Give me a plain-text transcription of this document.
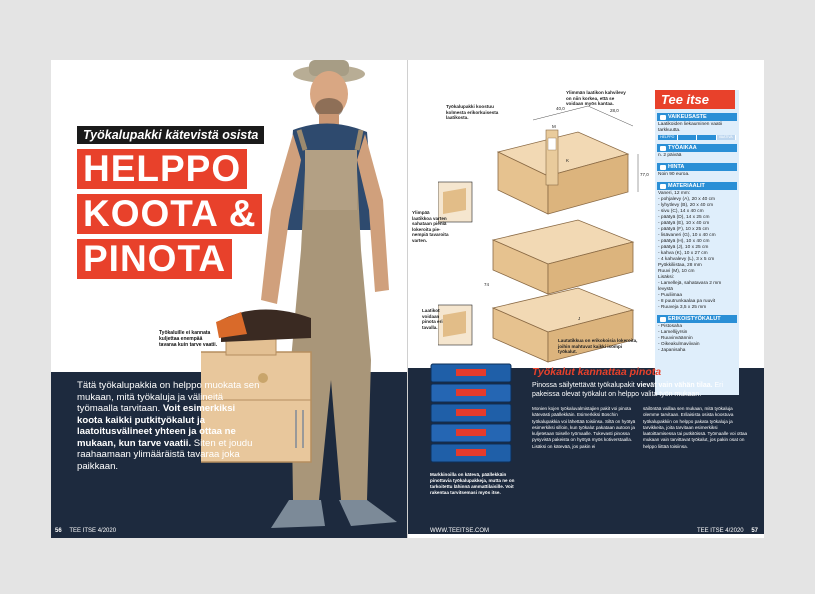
Työkalupakki kätevistä osista
HELPPO
KOOTA &
PINOTA
Työkaluille ei kannata kuljettaa enempää tavaraa kuin tarve vaatii.
Tätä työkalupakkia on helppo muokata sen mukaan, mitä työkaluja ja välineitä työmaalla tarvitaan. Voit esimerkiksi koota kaikki putkityökalut ja laatoitusvälineet yhteen ja ottaa ne mukaan, kun tarve vaatii. Siten et joudu raahaamaan ylimääräistä tavaraa joka paikkaan.
56 TEE ITSE 4/2020
40,0	28,0
M
K
77,0
74
J
Työkalupakki koostuu kolmesta erikorkuisesta laatikosta.
Ylimmän laatikon kahvilevy on niin korkea, että se voidaan myös kantaa.
Ylimpää laatikkoa varten sahataan pieniä lokeroita pie-nempiä tavaroita varten.
Laatikot voidaan pinota eri tavalla.
Lautatikkua on erikokoisia lokeroita, joihin mahtuvat kaikki isompi työkalut.
Tee itse
VAIKEUSASTE
Laatikoiden liekauminen vaatii tarkkuutta.
HELPPO	VAATIVA
TYÖAIKAA
n. 2 päivää
HINTA
Noin 90 euroa.
MATERIAALIT
Vaneri, 12 mm:
- pohjalevy (A), 20 x 40 cm
- lyhytlevy (B), 20 x 40 cm
- sivu (C), 14 x 40 cm
- päätyä (D), 14 x 25 cm
- päätyä (E), 10 x 40 cm
- päätyä (F), 10 x 25 cm
- lisävaneri (G), 10 x 40 cm
- päätyä (H), 10 x 40 cm
- päätyä (J), 10 x 25 cm
- kahva (K), 10 x 27 cm
- 4 kahvalevy (L), 3 x 5 cm
Pyökkiliistaa, 28 mm
Ruuvi (M), 10 cm
Lisäksi:
- Lamellejä, sahatavara 2 mm levystä
- Puuliimaa
- 8 puutrunkaalaa pa ruuvit
- Ruuveja 3,5 x 25 mm
ERIKOISTYÖKALUT
- Pistosaha
- Lamellijyrsin
- Ruuvinväännin
- Oikeakulmaviivain
- Japanisaha
Markkinoilla on kätevä, päällekkäin pinottavia työkalupakkeja, mutta ne on tarkoitettu lähinnä ammattilaisille. Voit rakentaa tarvitsemasi myös itse.
Työkalut kannattaa pinota
Pinossa säilytettävät työkalupakit vievät vain vähän tilaa. Eri pakeissa olevat työkalut on helppo valita työn mukaan.
Monien kojen työkaluvalmistajien pakit voi pinota kätevästi päällekkäin. Esimerkiksi Boschin työkalupakkia voi lähettää toisiinsa. Siltä on hyötyä esimerkiksi silloin, kun työkalut pakataan autoon ja kuljetetaan toiselle työmaalle. Tukevasti pinossa pysyvistä pakeista on hyötyä myös kotiverstaalla. Lisäksi on kätevää, jos pakin ei
säilöntää vaillaa sen mukaan, mitä työkaluja olemme tarvitaan. Erilaisista osista koostuva työkalupakkiin on helppo pakata työkaluja ja tarvikkeita, joita tarvitaan esimerkiksi laatoittamisessa tai putkitöissä. Työmaalle voi ottaa mukaan vain tarvittavat työkalut, jos pakin osat on helppo liittää toisiinsa.
WWW.TEEITSE.COM	TEE ITSE 4/2020 57
